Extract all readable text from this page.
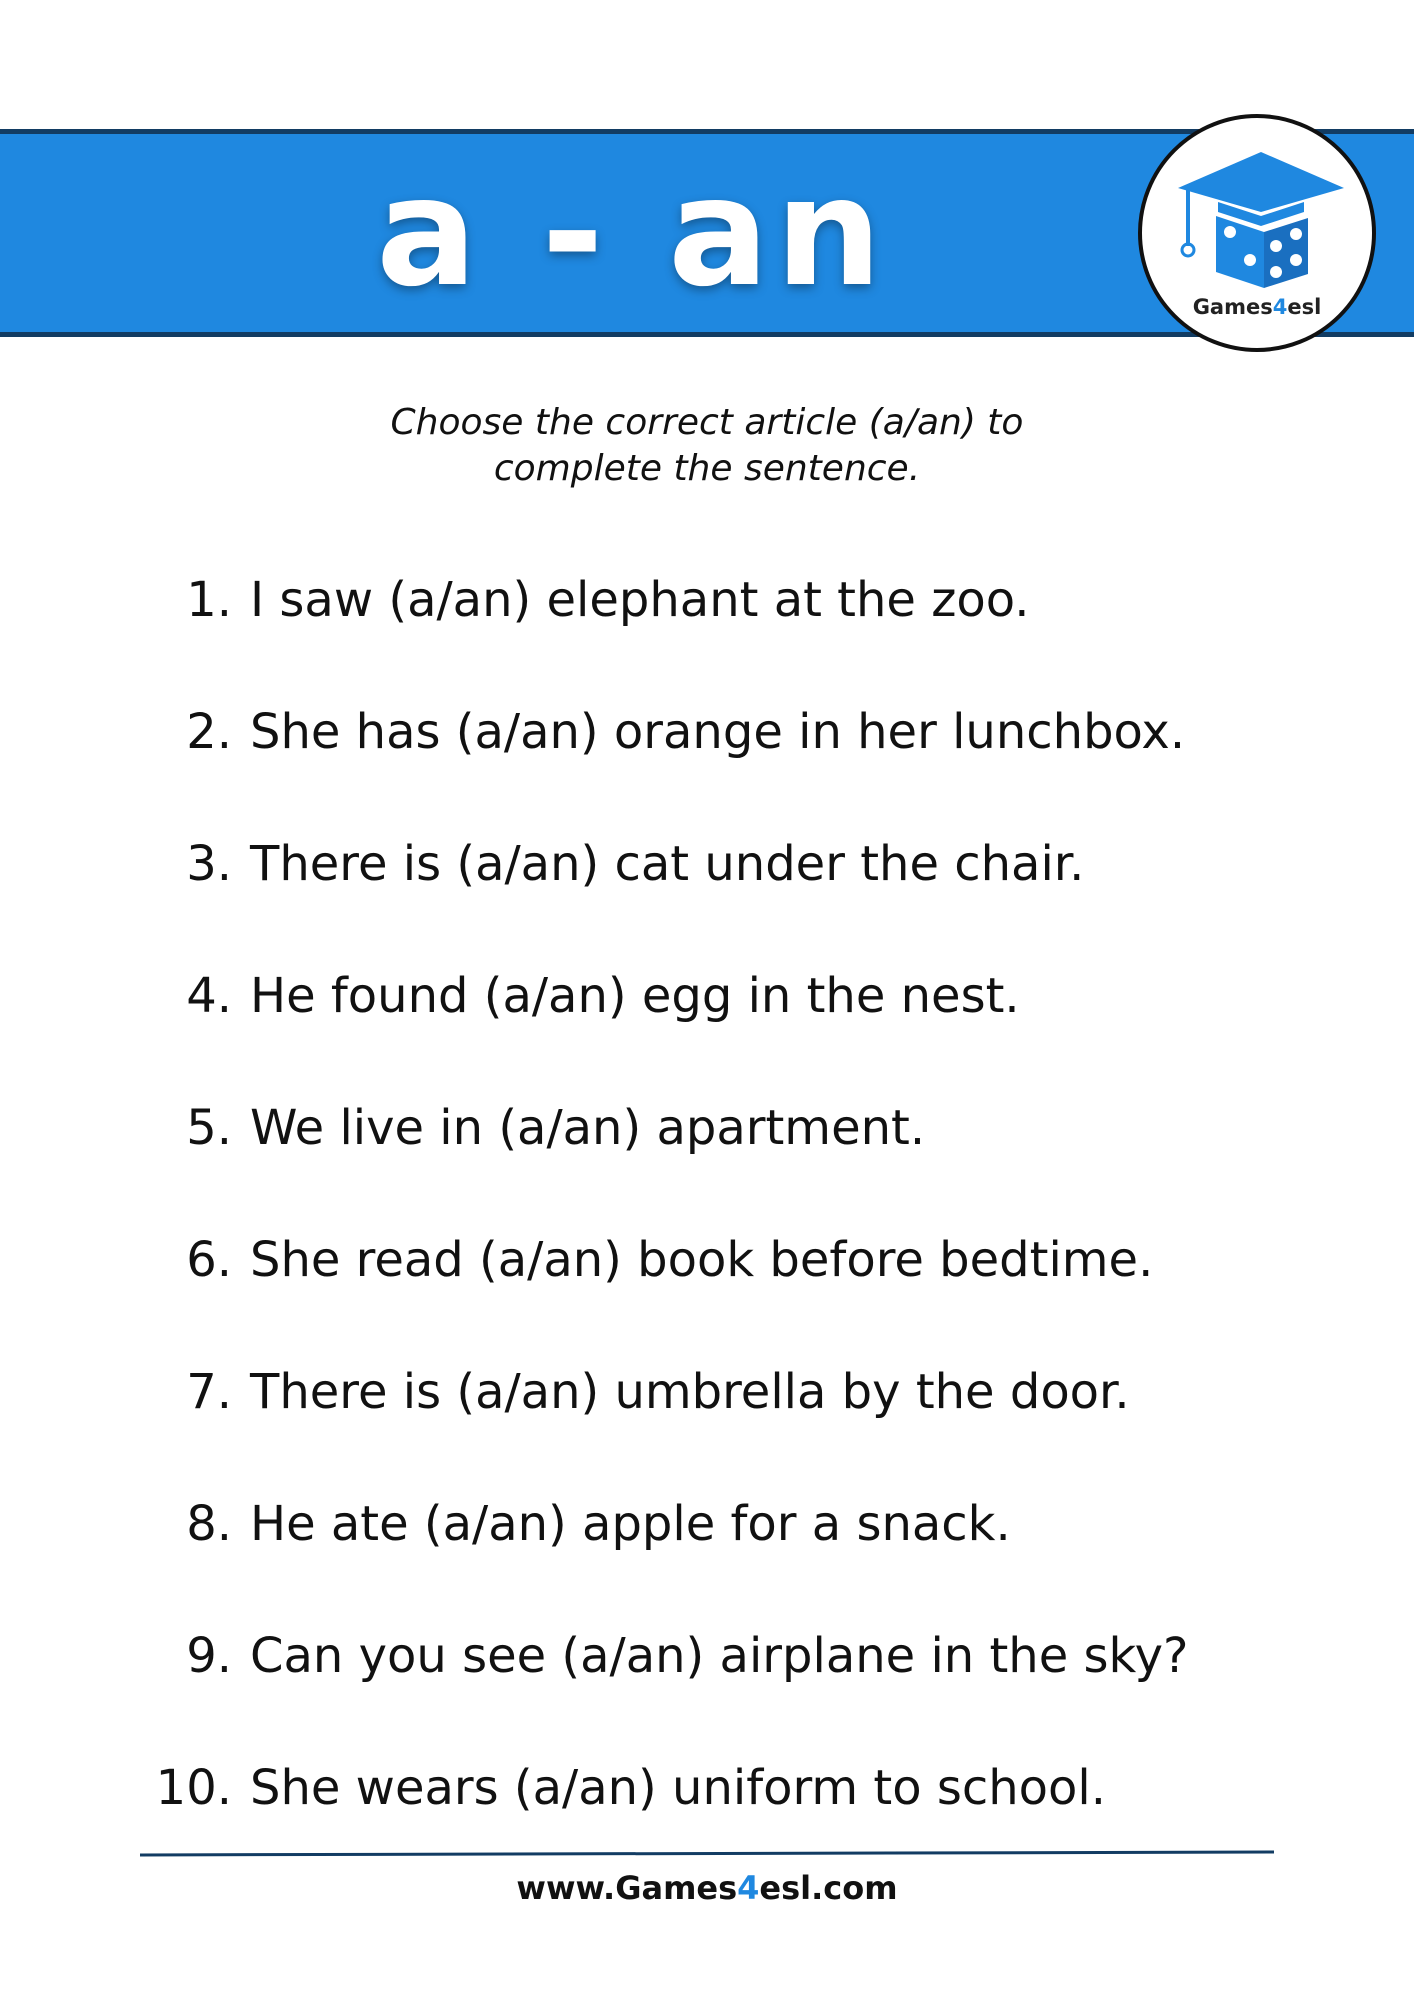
a - an	Games4esl
Choose the correct article (a/an) to
complete the sentence.
1. I saw (a/an) elephant at the zoo.
2. She has (a/an) orange in her lunchbox.
3. There is (a/an) cat under the chair.
4. He found (a/an) egg in the nest.
5. We live in (a/an) apartment.
6. She read (a/an) book before bedtime.
7. There is (a/an) umbrella by the door.
8. He ate (a/an) apple for a snack.
9. Can you see (a/an) airplane in the sky?
10. She wears (a/an) uniform to school.
www.Games4esl.com
